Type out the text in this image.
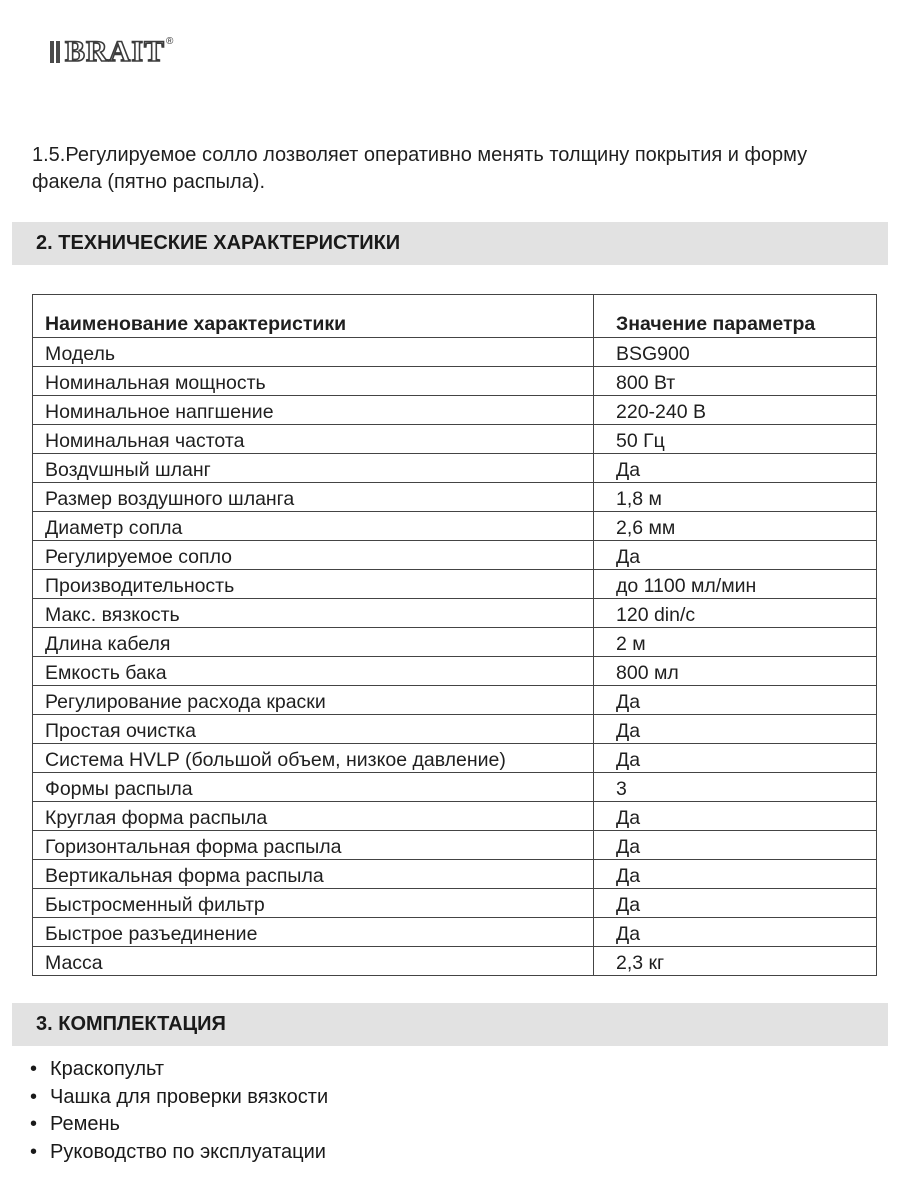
BRAIT ®
1.5.Регулируемое солло лозволяет оперативно менять толщину покрытия и форму факела (пятно распыла).
2. ТЕХНИЧЕСКИЕ ХАРАКТЕРИСТИКИ
Наименование характеристики	Значение параметра
Модель	BSG900
Номинальная мощность	800 Вт
Номинальное напгшение	220-240 В
Номинальная частота	50 Гц
Воздvшный шланг	Да
Размер воздушного шланга	1,8 м
Диаметр сопла	2,6 мм
Регулируемое сопло	Да
Производительность	до 1100 мл/мин
Макс. вязкость	120 din/c
Длина кабеля	2 м
Емкость бака	800 мл
Регулирование расхода краски	Да
Простая очистка	Да
Система HVLP (большой объем, низкое давление)	Да
Формы распыла	3
Круглая форма распыла	Да
Горизонтальная форма распыла	Да
Вертикальная форма распыла	Да
Быстросменный фильтр	Да
Быстрое разъединение	Да
Масса	2,3 кг
3. КОМПЛЕКТАЦИЯ
• Краскопульт
• Чашка для проверки вязкости
• Ремень
• Руководство по эксплуатации
